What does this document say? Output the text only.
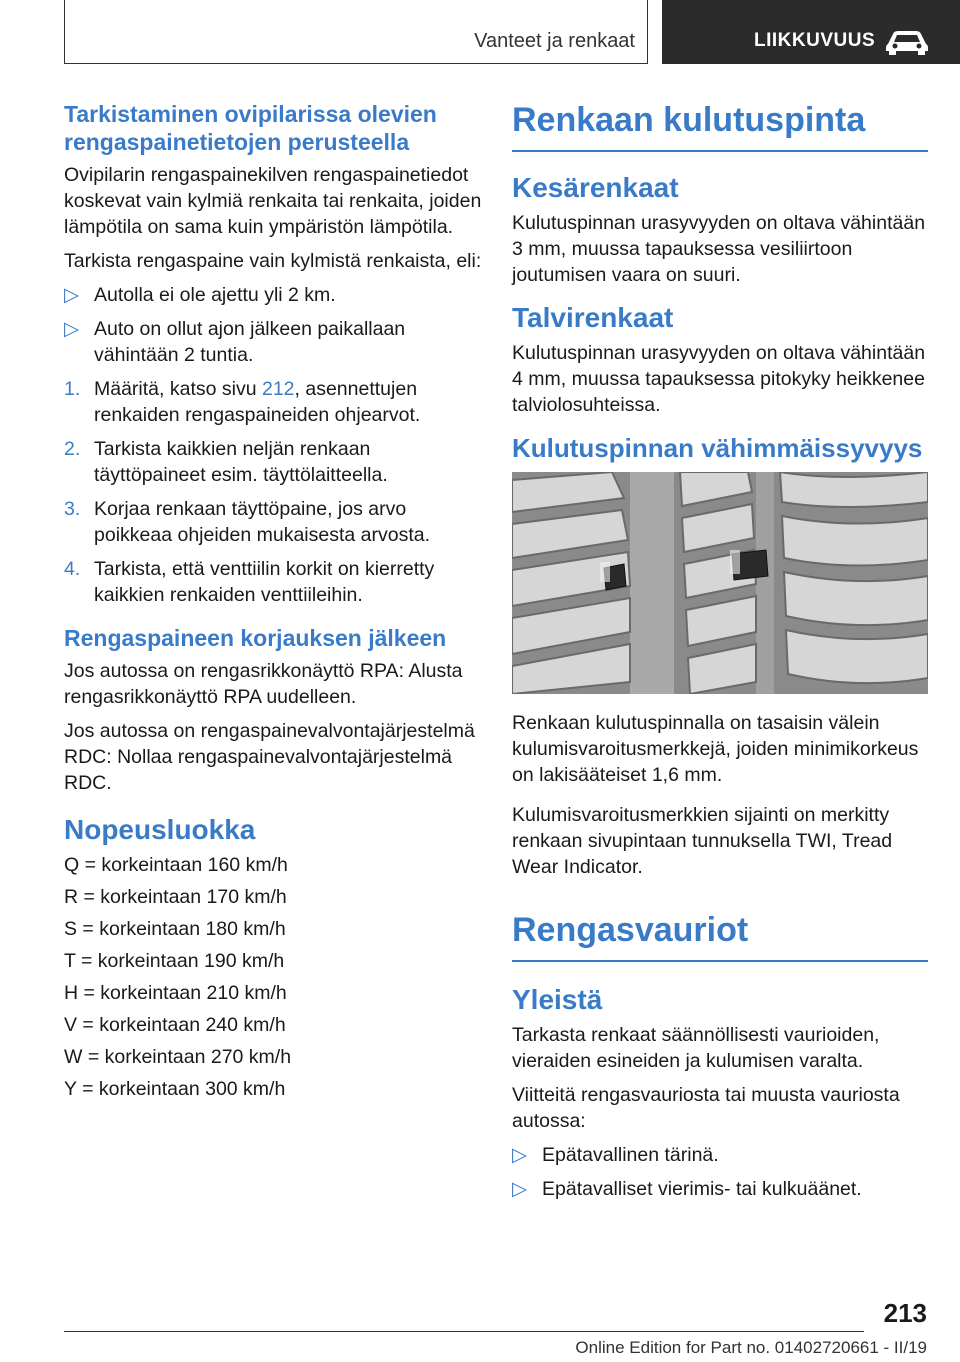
Vanteet ja renkaat	LIIKKUVUUS
Tarkistaminen ovipilarissa olevien rengaspainetietojen perusteella

Ovipilarin rengaspainekilven rengaspainetiedot koskevat vain kylmiä renkaita tai renkaita, joiden lämpötila on sama kuin ympäristön lämpötila.

Tarkista rengaspaine vain kylmistä renkaista, eli:

▷ Autolla ei ole ajettu yli 2 km.
▷ Auto on ollut ajon jälkeen paikallaan vähintään 2 tuntia.
1. Määritä, katso sivu 212, asennettujen renkaiden rengaspaineiden ohjearvot.
2. Tarkista kaikkien neljän renkaan täyttöpaineet esim. täyttölaitteella.
3. Korjaa renkaan täyttöpaine, jos arvo poikkeaa ohjeiden mukaisesta arvosta.
4. Tarkista, että venttiilin korkit on kierretty kaikkien renkaiden venttiileihin.
Rengaspaineen korjauksen jälkeen

Jos autossa on rengasrikkonäyttö RPA: Alusta rengasrikkonäyttö RPA uudelleen.

Jos autossa on rengaspainevalvontajärjestelmä RDC: Nollaa rengaspainevalvontajärjestelmä RDC.

Nopeusluokka

Q = korkeintaan 160 km/h

R = korkeintaan 170 km/h

S = korkeintaan 180 km/h

T = korkeintaan 190 km/h

H = korkeintaan 210 km/h

V = korkeintaan 240 km/h

W = korkeintaan 270 km/h

Y = korkeintaan 300 km/h

Renkaan kulutuspinta
Kesärenkaat

Kulutuspinnan urasyvyyden on oltava vähintään 3 mm, muussa tapauksessa vesiliirtoon joutumisen vaara on suuri.

Talvirenkaat

Kulutuspinnan urasyvyyden on oltava vähintään 4 mm, muussa tapauksessa pitokyky heikkenee talviolosuhteissa.

Kulutuspinnan vähimmäissyvyys

Renkaan kulutuspinnalla on tasaisin välein kulumisvaroitusmerkkejä, joiden minimikorkeus on lakisääteiset 1,6 mm.

Kulumisvaroitusmerkkien sijainti on merkitty renkaan sivupintaan tunnuksella TWI, Tread Wear Indicator.

Rengasvauriot
Yleistä

Tarkasta renkaat säännöllisesti vaurioiden, vieraiden esineiden ja kulumisen varalta.

Viitteitä rengasvauriosta tai muusta vauriosta autossa:

▷ Epätavallinen tärinä.
▷ Epätavalliset vierimis- tai kulkuäänet.
213
Online Edition for Part no. 01402720661 - II/19
